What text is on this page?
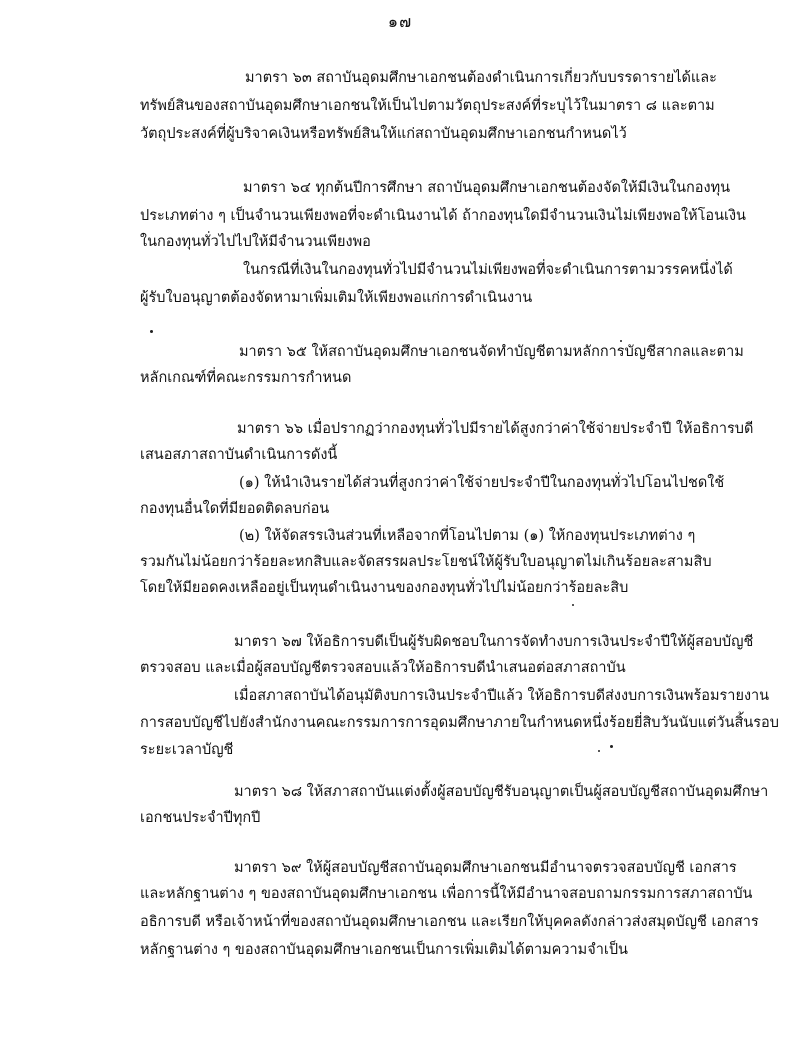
๑๗
มาตรา ๖๓ สถาบันอุดมศึกษาเอกชนต้องดำเนินการเกี่ยวกับบรรดารายได้และ
ทรัพย์สินของสถาบันอุดมศึกษาเอกชนให้เป็นไปตามวัตถุประสงค์ที่ระบุไว้ในมาตรา ๘ และตาม
วัตถุประสงค์ที่ผู้บริจาคเงินหรือทรัพย์สินให้แก่สถาบันอุดมศึกษาเอกชนกำหนดไว้
มาตรา ๖๔ ทุกต้นปีการศึกษา สถาบันอุดมศึกษาเอกชนต้องจัดให้มีเงินในกองทุน
ประเภทต่าง ๆ เป็นจำนวนเพียงพอที่จะดำเนินงานได้ ถ้ากองทุนใดมีจำนวนเงินไม่เพียงพอให้โอนเงิน
ในกองทุนทั่วไปไปให้มีจำนวนเพียงพอ
ในกรณีที่เงินในกองทุนทั่วไปมีจำนวนไม่เพียงพอที่จะดำเนินการตามวรรคหนึ่งได้
ผู้รับใบอนุญาตต้องจัดหามาเพิ่มเติมให้เพียงพอแก่การดำเนินงาน
มาตรา ๖๕ ให้สถาบันอุดมศึกษาเอกชนจัดทำบัญชีตามหลักการบัญชีสากลและตาม
หลักเกณฑ์ที่คณะกรรมการกำหนด
มาตรา ๖๖ เมื่อปรากฏว่ากองทุนทั่วไปมีรายได้สูงกว่าค่าใช้จ่ายประจำปี ให้อธิการบดี
เสนอสภาสถาบันดำเนินการดังนี้
(๑) ให้นำเงินรายได้ส่วนที่สูงกว่าค่าใช้จ่ายประจำปีในกองทุนทั่วไปโอนไปชดใช้
กองทุนอื่นใดที่มียอดติดลบก่อน
(๒) ให้จัดสรรเงินส่วนที่เหลือจากที่โอนไปตาม (๑) ให้กองทุนประเภทต่าง ๆ
รวมกันไม่น้อยกว่าร้อยละหกสิบและจัดสรรผลประโยชน์ให้ผู้รับใบอนุญาตไม่เกินร้อยละสามสิบ
โดยให้มียอดคงเหลืออยู่เป็นทุนดำเนินงานของกองทุนทั่วไปไม่น้อยกว่าร้อยละสิบ
มาตรา ๖๗ ให้อธิการบดีเป็นผู้รับผิดชอบในการจัดทำงบการเงินประจำปีให้ผู้สอบบัญชี
ตรวจสอบ และเมื่อผู้สอบบัญชีตรวจสอบแล้วให้อธิการบดีนำเสนอต่อสภาสถาบัน
เมื่อสภาสถาบันได้อนุมัติงบการเงินประจำปีแล้ว ให้อธิการบดีส่งงบการเงินพร้อมรายงาน
การสอบบัญชีไปยังสำนักงานคณะกรรมการการอุดมศึกษาภายในกำหนดหนึ่งร้อยยี่สิบวันนับแต่วันสิ้นรอบ
ระยะเวลาบัญชี
มาตรา ๖๘ ให้สภาสถาบันแต่งตั้งผู้สอบบัญชีรับอนุญาตเป็นผู้สอบบัญชีสถาบันอุดมศึกษา
เอกชนประจำปีทุกปี
มาตรา ๖๙ ให้ผู้สอบบัญชีสถาบันอุดมศึกษาเอกชนมีอำนาจตรวจสอบบัญชี เอกสาร
และหลักฐานต่าง ๆ ของสถาบันอุดมศึกษาเอกชน เพื่อการนี้ให้มีอำนาจสอบถามกรรมการสภาสถาบัน
อธิการบดี หรือเจ้าหน้าที่ของสถาบันอุดมศึกษาเอกชน และเรียกให้บุคคลดังกล่าวส่งสมุดบัญชี เอกสาร
หลักฐานต่าง ๆ ของสถาบันอุดมศึกษาเอกชนเป็นการเพิ่มเติมได้ตามความจำเป็น
